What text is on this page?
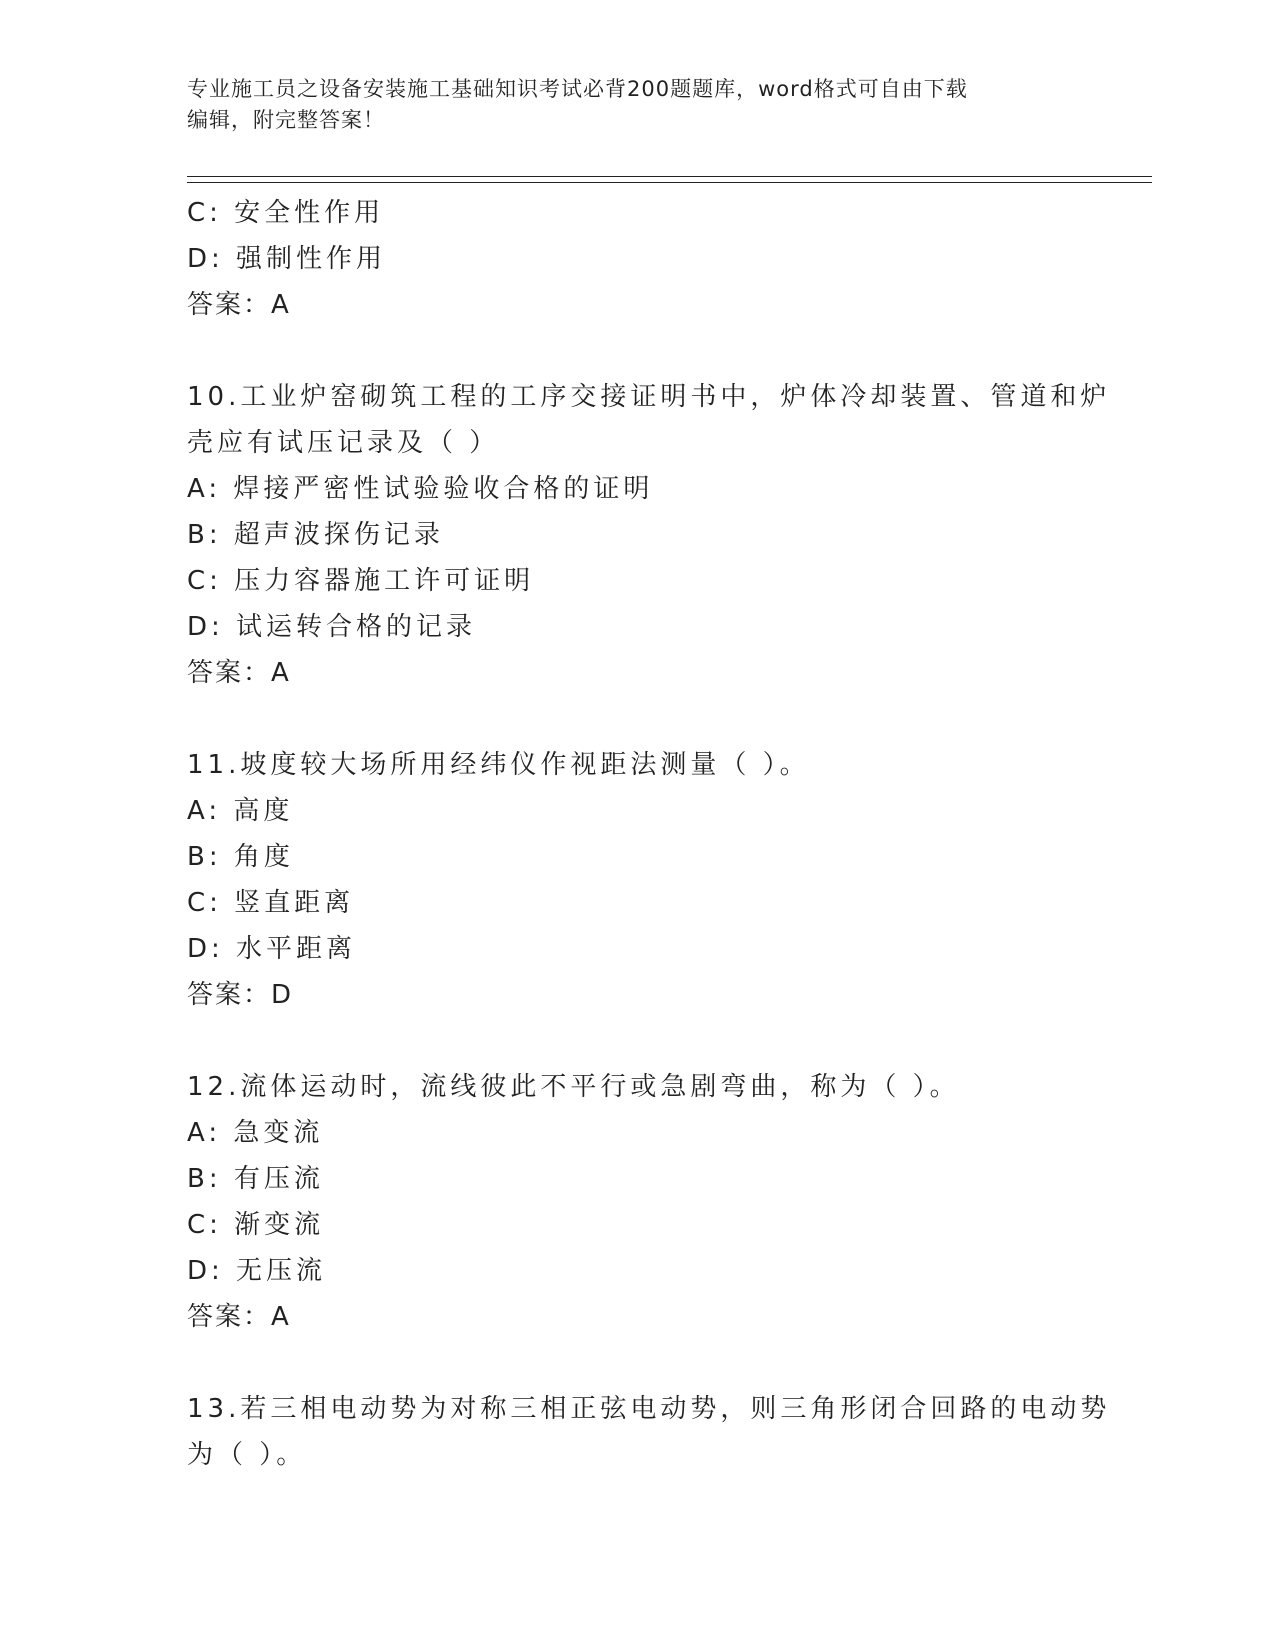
专业施工员之设备安装施工基础知识考试必背200题题库，word格式可自由下载
编辑，附完整答案！
C: 安全性作用
D: 强制性作用
答案：A
10.工业炉窑砌筑工程的工序交接证明书中，炉体冷却装置、管道和炉
壳应有试压记录及（ ）
A: 焊接严密性试验验收合格的证明
B: 超声波探伤记录
C: 压力容器施工许可证明
D: 试运转合格的记录
答案：A
11.坡度较大场所用经纬仪作视距法测量（ ）。
A: 高度
B: 角度
C: 竖直距离
D: 水平距离
答案：D
12.流体运动时，流线彼此不平行或急剧弯曲，称为（ ）。
A: 急变流
B: 有压流
C: 渐变流
D: 无压流
答案：A
13.若三相电动势为对称三相正弦电动势，则三角形闭合回路的电动势
为（ ）。
